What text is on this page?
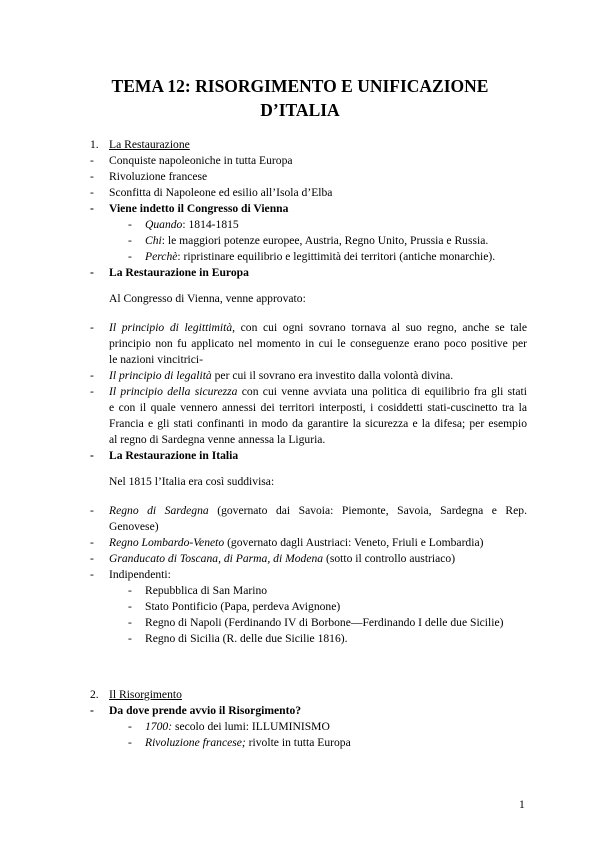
TEMA 12: RISORGIMENTO E UNIFICAZIONE
D’ITALIA
1. La Restaurazione
- Conquiste napoleoniche in tutta Europa
- Rivoluzione francese
- Sconfitta di Napoleone ed esilio all’Isola d’Elba
- Viene indetto il Congresso di Vienna
- Quando: 1814-1815
- Chi: le maggiori potenze europee, Austria, Regno Unito, Prussia e Russia.
- Perchè: ripristinare equilibrio e legittimità dei territori (antiche monarchie).
- La Restaurazione in Europa
Al Congresso di Vienna, venne approvato:
- Il principio di legittimità, con cui ogni sovrano tornava al suo regno, anche se tale
principio non fu applicato nel momento in cui le conseguenze erano poco positive per
le nazioni vincitrici-
- Il principio di legalità per cui il sovrano era investito dalla volontà divina.
- Il principio della sicurezza con cui venne avviata una politica di equilibrio fra gli stati
e con il quale vennero annessi dei territori interposti, i cosiddetti stati-cuscinetto tra la
Francia e gli stati confinanti in modo da garantire la sicurezza e la difesa; per esempio
al regno di Sardegna venne annessa la Liguria.
- La Restaurazione in Italia
Nel 1815 l’Italia era così suddivisa:
- Regno di Sardegna (governato dai Savoia: Piemonte, Savoia, Sardegna e Rep.
Genovese)
- Regno Lombardo-Veneto (governato dagli Austriaci: Veneto, Friuli e Lombardia)
- Granducato di Toscana, di Parma, di Modena (sotto il controllo austriaco)
- Indipendenti:
- Repubblica di San Marino
- Stato Pontificio (Papa, perdeva Avignone)
- Regno di Napoli (Ferdinando IV di Borbone—Ferdinando I delle due Sicilie)
- Regno di Sicilia (R. delle due Sicilie 1816).
2. Il Risorgimento
- Da dove prende avvio il Risorgimento?
- 1700: secolo dei lumi: ILLUMINISMO
- Rivoluzione francese; rivolte in tutta Europa
1
